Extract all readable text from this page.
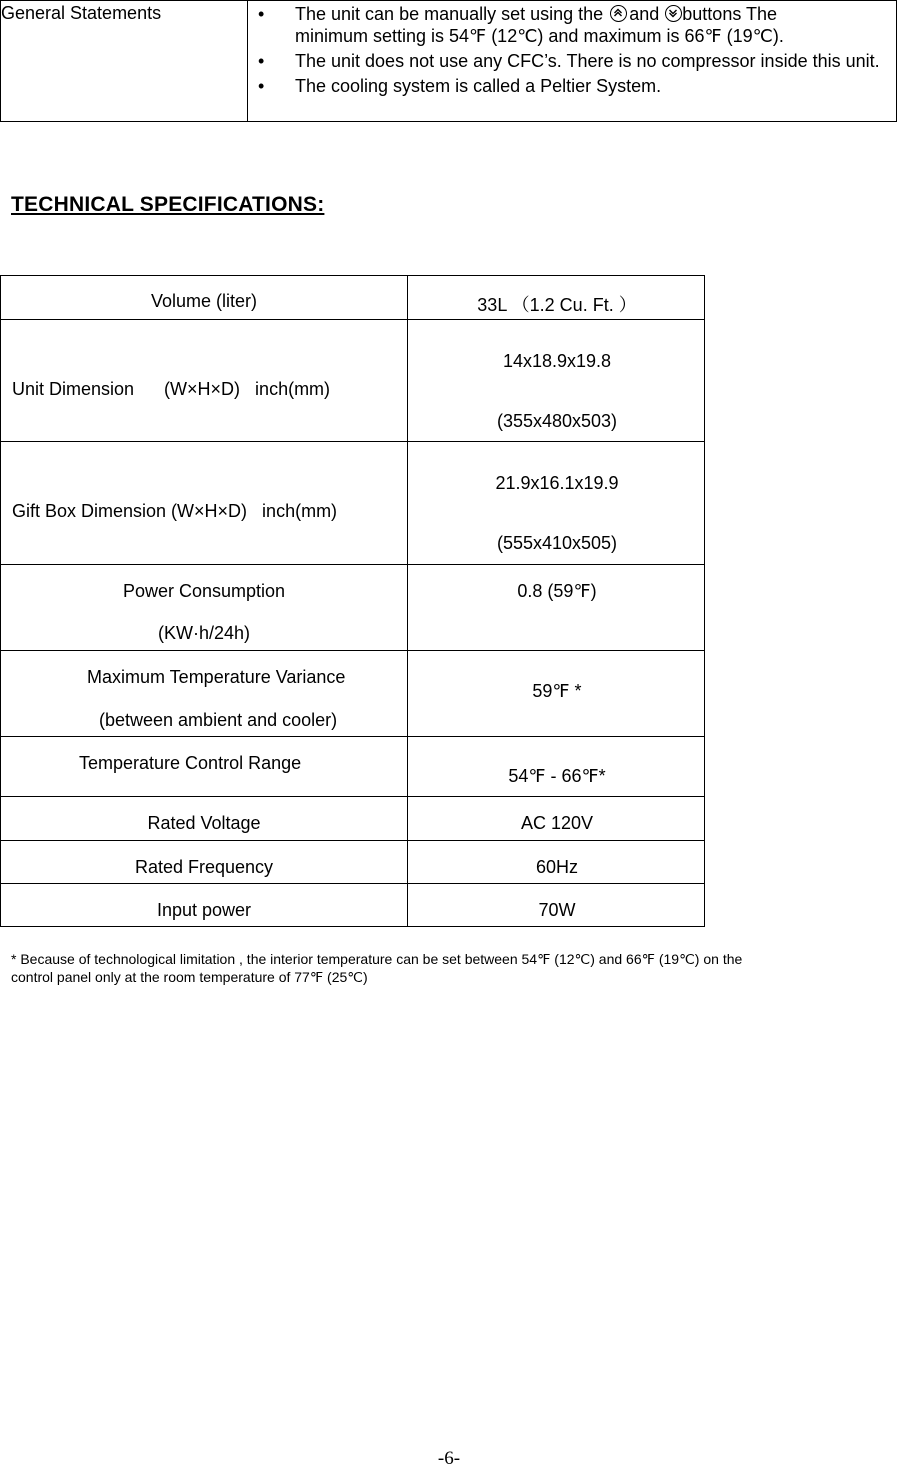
General Statements

•The unit can be manually set using the and buttons The
minimum setting is 54℉ (12℃) and maximum is 66℉ (19℃).
• The unit does not use any CFC’s. There is no compressor inside this unit.
• The cooling system is called a Peltier System.
TECHNICAL SPECIFICATIONS:
Volume (liter)	33L （1.2 Cu. Ft. ）

Unit Dimension      (W×H×D)   inch(mm)	14x18.9x19.8
(355x480x503)

Gift Box Dimension (W×H×D)   inch(mm)	21.9x16.1x19.9
(555x410x505)

Power Consumption
(KW·h/24h)	0.8 (59℉)

Maximum Temperature Variance
(between ambient and cooler)	59℉ *

Temperature Control Range	54℉ - 66℉*

Rated Voltage	AC 120V

Rated Frequency	60Hz

Input power	70W
* Because of technological limitation , the interior temperature can be set between 54℉ (12℃) and 66℉ (19℃) on the
control panel only at the room temperature of 77℉ (25℃)
-6-
